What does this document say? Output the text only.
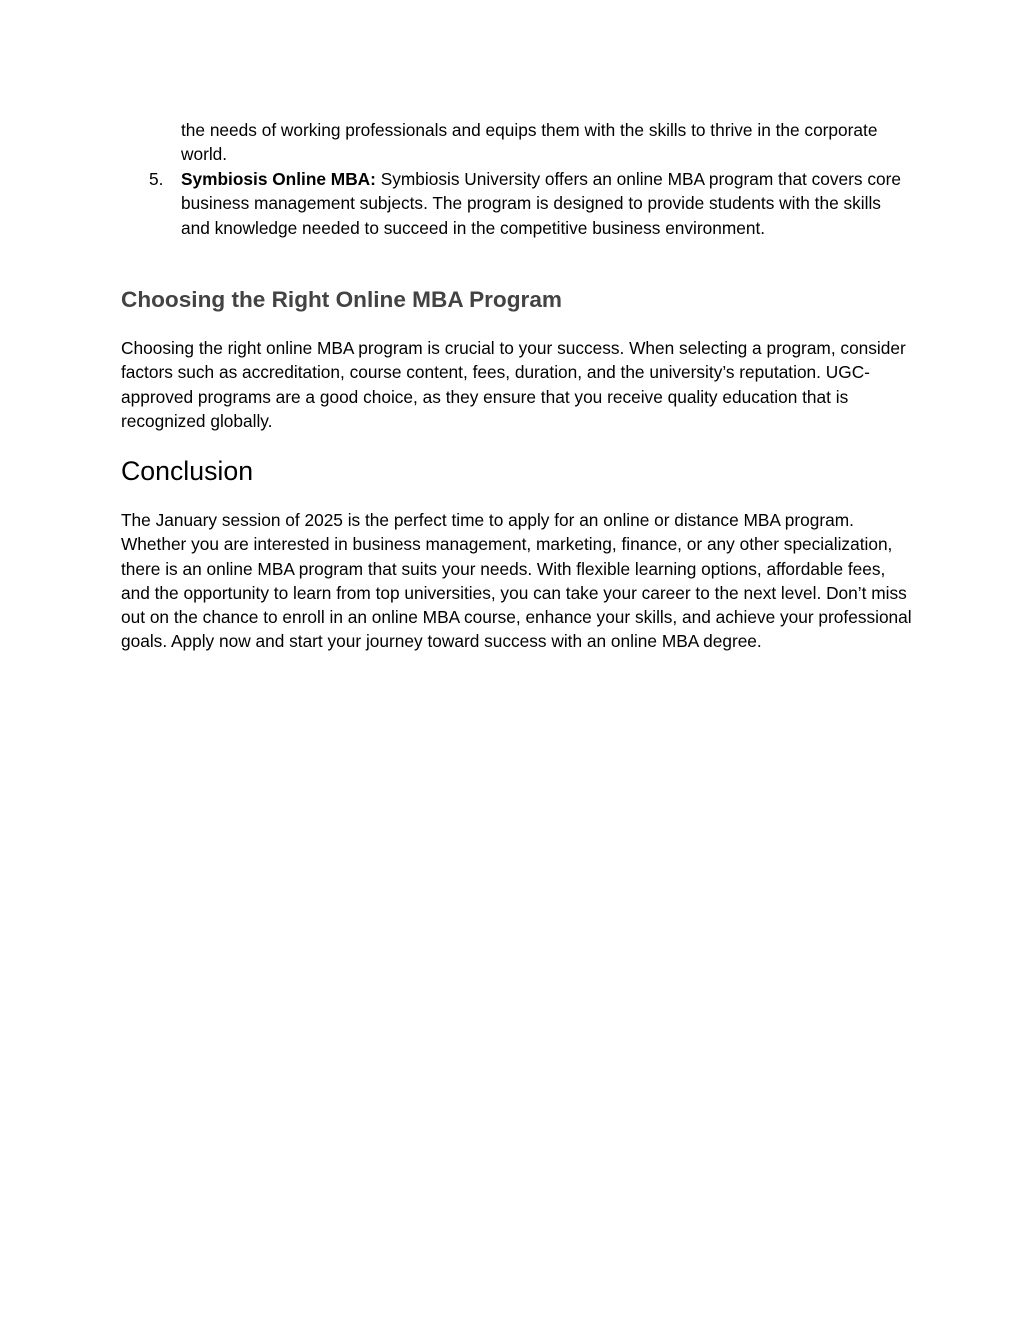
the needs of working professionals and equips them with the skills to thrive in the corporate world.

5.	Symbiosis Online MBA: Symbiosis University offers an online MBA program that covers core business management subjects. The program is designed to provide students with the skills and knowledge needed to succeed in the competitive business environment.

Choosing the Right Online MBA Program

Choosing the right online MBA program is crucial to your success. When selecting a program, consider factors such as accreditation, course content, fees, duration, and the university’s reputation. UGC-approved programs are a good choice, as they ensure that you receive quality education that is recognized globally.

Conclusion

The January session of 2025 is the perfect time to apply for an online or distance MBA program. Whether you are interested in business management, marketing, finance, or any other specialization, there is an online MBA program that suits your needs. With flexible learning options, affordable fees, and the opportunity to learn from top universities, you can take your career to the next level. Don’t miss out on the chance to enroll in an online MBA course, enhance your skills, and achieve your professional goals. Apply now and start your journey toward success with an online MBA degree.
